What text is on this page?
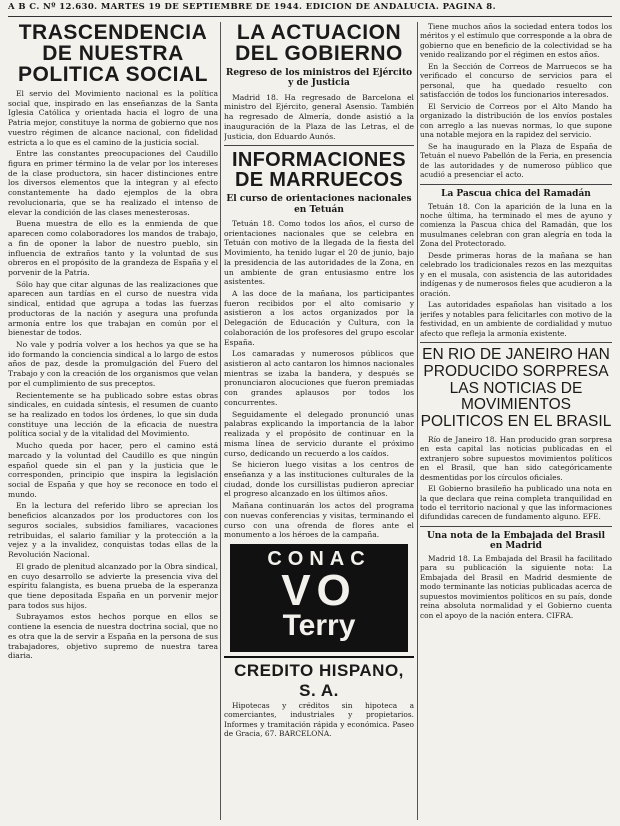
A B C. Nº 12.630. MARTES 19 DE SEPTIEMBRE DE 1944. EDICION DE ANDALUCIA. PAGINA 8.
TRASCENDENCIA DE NUESTRA POLITICA SOCIAL

El servio del Movimiento nacional es la política social que, inspirado en las enseñanzas de la Santa Iglesia Católica y orientada hacia el logro de una Patria mejor, constituye la norma de gobierno que nos vuestro régimen de alcance nacional, con fidelidad estricta a lo que es el camino de la justicia social.

Entre las constantes preocupaciones del Caudillo figura en primer término la de velar por los intereses de la clase productora, sin hacer distinciones entre los diversos elementos que la integran y al efecto constantemente ha dado ejemplos de la obra revolucionaria, que se ha realizado el intenso de elevar la condición de las clases menesterosas.

Buena muestra de ello es la enmienda de que aparecen como colaboradores los mandos de trabajo, a fin de oponer la labor de nuestro pueblo, sin influencia de extraños tanto y la voluntad de sus obreros en el propósito de la grandeza de España y el porvenir de la Patria.

Sólo hay que citar algunas de las realizaciones que aparecen aun tardías en el curso de nuestra vida sindical, entidad que agrupa a todas las fuerzas productoras de la nación y asegura una profunda armonía entre los que trabajan en común por el bienestar de todos.

No vale y podría volver a los hechos ya que se ha ido formando la conciencia sindical a lo largo de estos años de paz, desde la promulgación del Fuero del Trabajo y con la creación de los organismos que velan por el cumplimiento de sus preceptos.

Recientemente se ha publicado sobre estas obras sindicales, en cuidada síntesis, el resumen de cuanto se ha realizado en todos los órdenes, lo que sin duda constituye una lección de la eficacia de nuestra política social y de la vitalidad del Movimiento.

Mucho queda por hacer, pero el camino está marcado y la voluntad del Caudillo es que ningún español quede sin el pan y la justicia que le corresponden, principio que inspira la legislación social de España y que hoy se reconoce en todo el mundo.

En la lectura del referido libro se aprecian los beneficios alcanzados por los productores con los seguros sociales, subsidios familiares, vacaciones retribuidas, el salario familiar y la protección a la vejez y a la invalidez, conquistas todas ellas de la Revolución Nacional.

El grado de plenitud alcanzado por la Obra sindical, en cuyo desarrollo se advierte la presencia viva del espíritu falangista, es buena prueba de la esperanza que tiene depositada España en un porvenir mejor para todos sus hijos.

Subrayamos estos hechos porque en ellos se contiene la esencia de nuestra doctrina social, que no es otra que la de servir a España en la persona de sus trabajadores, objetivo supremo de nuestra tarea diaria.

LA ACTUACION DEL GOBIERNO
Regreso de los ministros del Ejército y de Justicia

Madrid 18. Ha regresado de Barcelona el ministro del Ejército, general Asensio. También ha regresado de Almería, donde asistió a la inauguración de la Plaza de las Letras, el de Justicia, don Eduardo Aunós.

INFORMACIONES DE MARRUECOS
El curso de orientaciones nacionales en Tetuán

Tetuán 18. Como todos los años, el curso de orientaciones nacionales que se celebra en Tetuán con motivo de la llegada de la fiesta del Movimiento, ha tenido lugar el 20 de junio, bajo la presidencia de las autoridades de la Zona, en un ambiente de gran entusiasmo entre los asistentes.

A las doce de la mañana, los participantes fueron recibidos por el alto comisario y asistieron a los actos organizados por la Delegación de Educación y Cultura, con la colaboración de los profesores del grupo escolar España.

Los camaradas y numerosos públicos que asistieron al acto cantaron los himnos nacionales mientras se izaba la bandera, y después se pronunciaron alocuciones que fueron premiadas con grandes aplausos por todos los concurrentes.

Seguidamente el delegado pronunció unas palabras explicando la importancia de la labor realizada y el propósito de continuar en la misma línea de servicio durante el próximo curso, dedicando un recuerdo a los caídos.

Se hicieron luego visitas a los centros de enseñanza y a las instituciones culturales de la ciudad, donde los cursillistas pudieron apreciar el progreso alcanzado en los últimos años.

Mañana continuarán los actos del programa con nuevas conferencias y visitas, terminando el curso con una ofrenda de flores ante el monumento a los héroes de la campaña.

CONAC
VO
Terry
CREDITO HISPANO, S. A.

Hipotecas y créditos sin hipoteca a comerciantes, industriales y propietarios. Informes y tramitación rápida y económica. Paseo de Gracia, 67. BARCELONA.

Tiene muchos años la sociedad entera todos los méritos y el estímulo que corresponde a la obra de gobierno que en beneficio de la colectividad se ha venido realizando por el régimen en estos años.

En la Sección de Correos de Marruecos se ha verificado el concurso de servicios para el personal, que ha quedado resuelto con satisfacción de todos los funcionarios interesados.

El Servicio de Correos por el Alto Mando ha organizado la distribución de los envíos postales con arreglo a las nuevas normas, lo que supone una notable mejora en la rapidez del servicio.

Se ha inaugurado en la Plaza de España de Tetuán el nuevo Pabellón de la Feria, en presencia de las autoridades y de numeroso público que acudió a presenciar el acto.

La Pascua chica del Ramadán

Tetuán 18. Con la aparición de la luna en la noche última, ha terminado el mes de ayuno y comienza la Pascua chica del Ramadán, que los musulmanes celebran con gran alegría en toda la Zona del Protectorado.

Desde primeras horas de la mañana se han celebrado los tradicionales rezos en las mezquitas y en el musala, con asistencia de las autoridades indígenas y de numerosos fieles que acudieron a la oración.

Las autoridades españolas han visitado a los jerifes y notables para felicitarles con motivo de la festividad, en un ambiente de cordialidad y mutuo afecto que refleja la armonía existente.

EN RIO DE JANEIRO HAN PRODUCIDO SORPRESA LAS NOTICIAS DE MOVIMIENTOS POLITICOS EN EL BRASIL

Río de Janeiro 18. Han producido gran sorpresa en esta capital las noticias publicadas en el extranjero sobre supuestos movimientos políticos en el Brasil, que han sido categóricamente desmentidas por los círculos oficiales.

El Gobierno brasileño ha publicado una nota en la que declara que reina completa tranquilidad en todo el territorio nacional y que las informaciones difundidas carecen de fundamento alguno. EFE.

Una nota de la Embajada del Brasil en Madrid

Madrid 18. La Embajada del Brasil ha facilitado para su publicación la siguiente nota: La Embajada del Brasil en Madrid desmiente de modo terminante las noticias publicadas acerca de supuestos movimientos políticos en su país, donde reina absoluta normalidad y el Gobierno cuenta con el apoyo de la nación entera. CIFRA.
